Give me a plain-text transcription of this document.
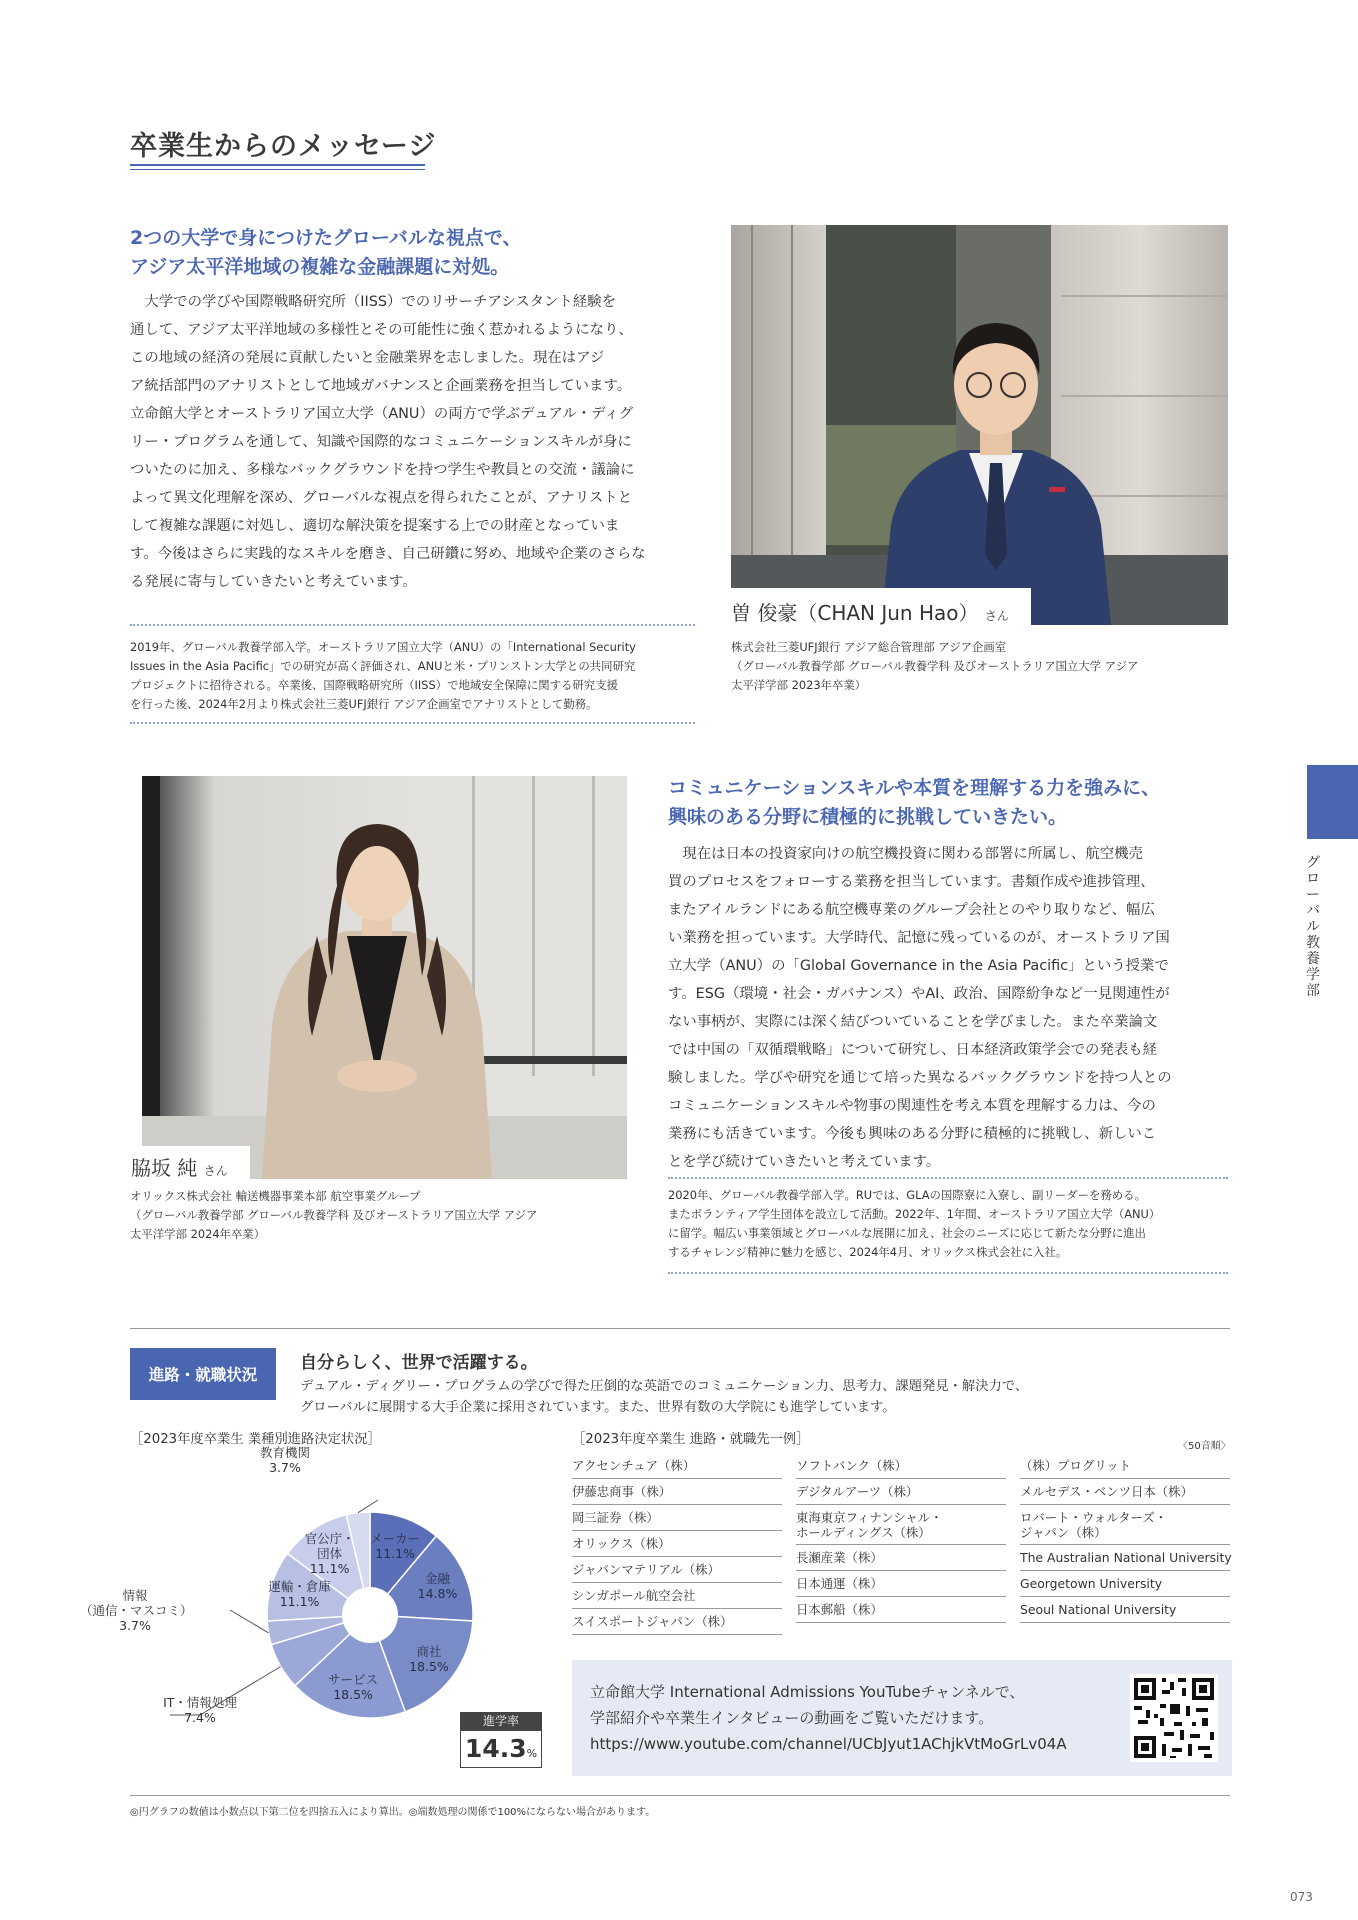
卒業生からのメッセージ
2つの大学で身につけたグローバルな視点で、
アジア太平洋地域の複雑な金融課題に対処。
　大学での学びや国際戦略研究所（IISS）でのリサーチアシスタント経験を
通して、アジア太平洋地域の多様性とその可能性に強く惹かれるようになり、
この地域の経済の発展に貢献したいと金融業界を志しました。現在はアジ
ア統括部門のアナリストとして地域ガバナンスと企画業務を担当しています。
立命館大学とオーストラリア国立大学（ANU）の両方で学ぶデュアル・ディグ
リー・プログラムを通して、知識や国際的なコミュニケーションスキルが身に
ついたのに加え、多様なバックグラウンドを持つ学生や教員との交流・議論に
よって異文化理解を深め、グローバルな視点を得られたことが、アナリストと
して複雑な課題に対処し、適切な解決策を提案する上での財産となっていま
す。今後はさらに実践的なスキルを磨き、自己研鑽に努め、地域や企業のさらな
る発展に寄与していきたいと考えています。
2019年、グローバル教養学部入学。オーストラリア国立大学（ANU）の「International Security
Issues in the Asia Pacific」での研究が高く評価され、ANUと米・プリンストン大学との共同研究
プロジェクトに招待される。卒業後、国際戦略研究所（IISS）で地域安全保障に関する研究支援
を行った後、2024年2月より株式会社三菱UFJ銀行 アジア企画室でアナリストとして勤務。
曽 俊豪（CHAN Jun Hao） さん
株式会社三菱UFJ銀行 アジア総合管理部 アジア企画室
（グローバル教養学部 グローバル教養学科 及びオーストラリア国立大学 アジア
太平洋学部 2023年卒業）
グローバル教養学部
脇坂 純 さん
オリックス株式会社 輸送機器事業本部 航空事業グループ
（グローバル教養学部 グローバル教養学科 及びオーストラリア国立大学 アジア
太平洋学部 2024年卒業）
コミュニケーションスキルや本質を理解する力を強みに、
興味のある分野に積極的に挑戦していきたい。
　現在は日本の投資家向けの航空機投資に関わる部署に所属し、航空機売
買のプロセスをフォローする業務を担当しています。書類作成や進捗管理、
またアイルランドにある航空機専業のグループ会社とのやり取りなど、幅広
い業務を担っています。大学時代、記憶に残っているのが、オーストラリア国
立大学（ANU）の「Global Governance in the Asia Pacific」という授業で
す。ESG（環境・社会・ガバナンス）やAI、政治、国際紛争など一見関連性が
ない事柄が、実際には深く結びついていることを学びました。また卒業論文
では中国の「双循環戦略」について研究し、日本経済政策学会での発表も経
験しました。学びや研究を通じて培った異なるバックグラウンドを持つ人との
コミュニケーションスキルや物事の関連性を考え本質を理解する力は、今の
業務にも活きています。今後も興味のある分野に積極的に挑戦し、新しいこ
とを学び続けていきたいと考えています。
2020年、グローバル教養学部入学。RUでは、GLAの国際寮に入寮し、副リーダーを務める。
またボランティア学生団体を設立して活動。2022年、1年間、オーストラリア国立大学（ANU）
に留学。幅広い事業領域とグローバルな展開に加え、社会のニーズに応じて新たな分野に進出
するチャレンジ精神に魅力を感じ、2024年4月、オリックス株式会社に入社。
進路・就職状況
自分らしく、世界で活躍する。
デュアル・ディグリー・プログラムの学びで得た圧倒的な英語でのコミュニケーション力、思考力、課題発見・解決力で、
グローバルに展開する大手企業に採用されています。また、世界有数の大学院にも進学しています。
［2023年度卒業生 業種別進路決定状況］	［2023年度卒業生 進路・就職先一例］	〈50音順〉
メーカー
11.1%
金融
14.8%
商社
18.5%
サービス
18.5%
IT・情報処理
7.4%
情報
（通信・マスコミ）
3.7%
運輸・倉庫
11.1%
官公庁・
団体
11.1%
教育機関
3.7%
進学率
14.3%
アクセンチュア（株）
伊藤忠商事（株）
岡三証券（株）
オリックス（株）
ジャパンマテリアル（株）
シンガポール航空会社
スイスポートジャパン（株）
ソフトバンク（株）
デジタルアーツ（株）
東海東京フィナンシャル・
ホールディングス（株）
長瀬産業（株）
日本通運（株）
日本郵船（株）
（株）プログリット
メルセデス・ベンツ日本（株）
ロバート・ウォルターズ・
ジャパン（株）
The Australian National University
Georgetown University
Seoul National University
立命館大学 International Admissions YouTubeチャンネルで、
学部紹介や卒業生インタビューの動画をご覧いただけます。
https://www.youtube.com/channel/UCbJyut1AChjkVtMoGrLv04A
◎円グラフの数値は小数点以下第二位を四捨五入により算出。◎端数処理の関係で100%にならない場合があります。
073
